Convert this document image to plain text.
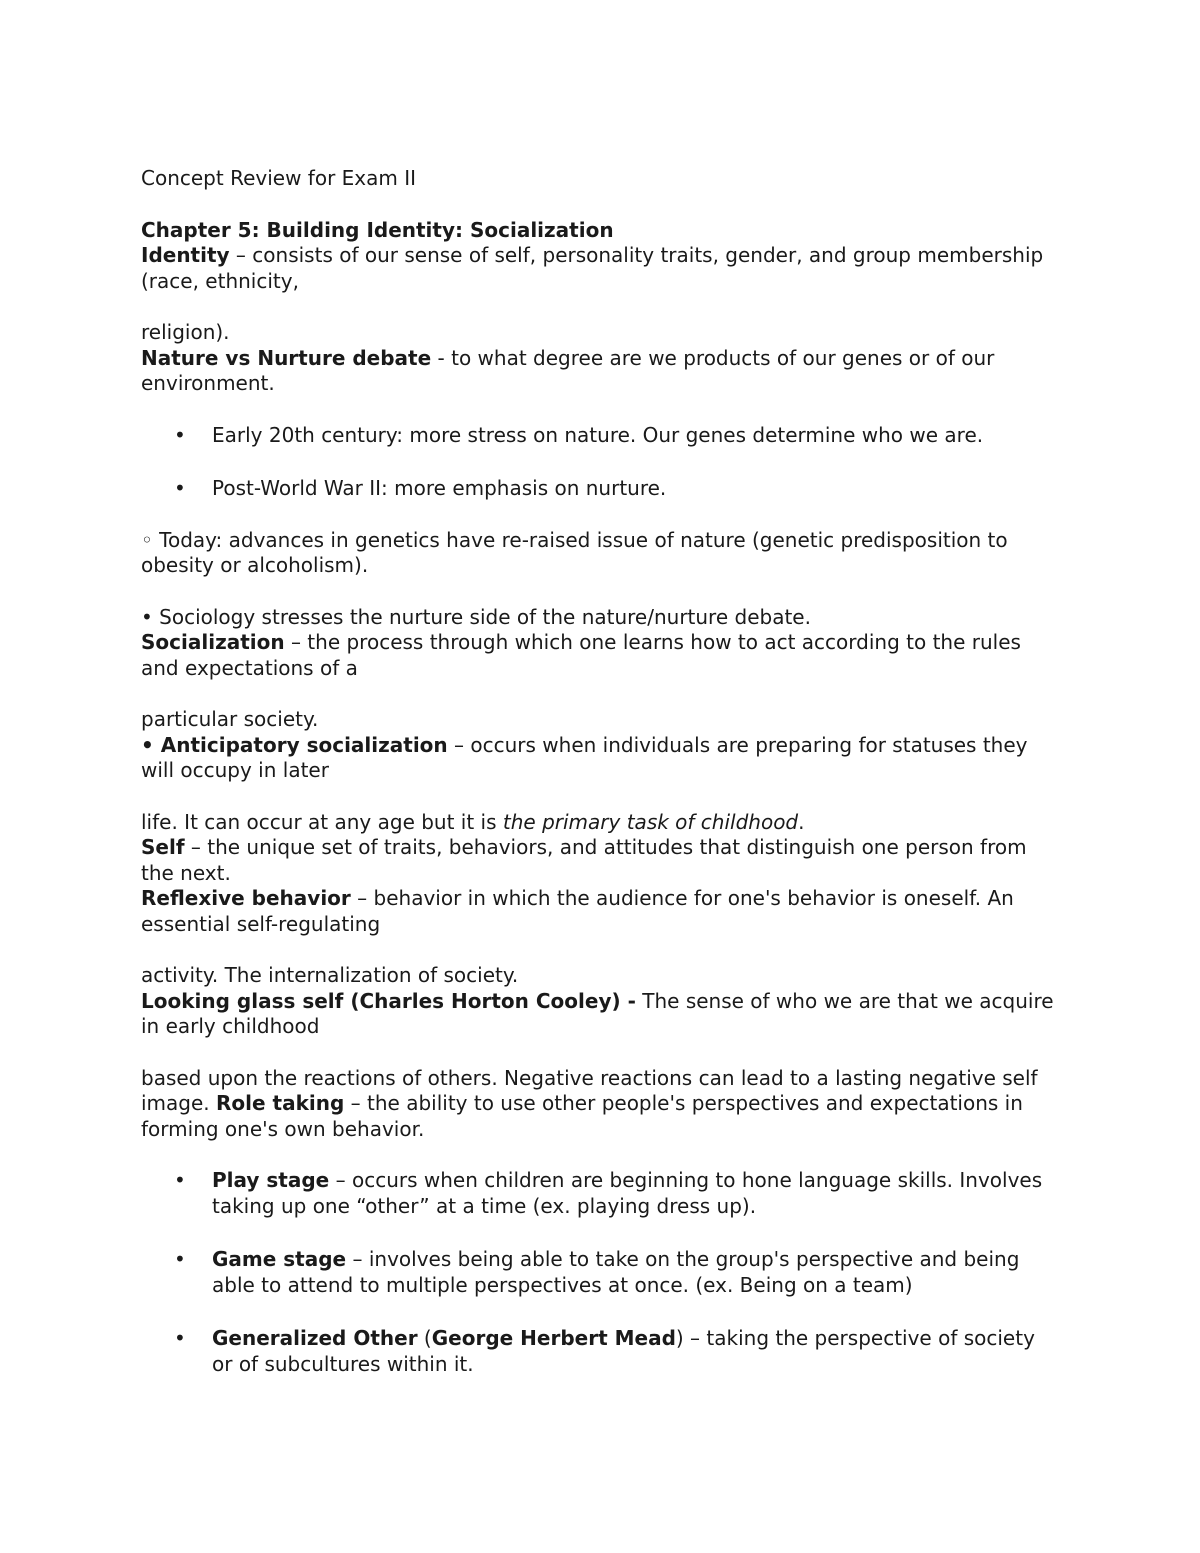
Concept Review for Exam II

Chapter 5: Building Identity: Socialization

Identity – consists of our sense of self, personality traits, gender, and group membership (race, ethnicity,

religion).

Nature vs Nurture debate - to what degree are we products of our genes or of our environment.

• Early 20th century: more stress on nature. Our genes determine who we are.
• Post-World War II: more emphasis on nurture.

◦ Today: advances in genetics have re-raised issue of nature (genetic predisposition to obesity or alcoholism).

• Sociology stresses the nurture side of the nature/nurture debate.

Socialization – the process through which one learns how to act according to the rules and expectations of a

particular society.

• Anticipatory socialization – occurs when individuals are preparing for statuses they will occupy in later

life. It can occur at any age but it is the primary task of childhood.

Self – the unique set of traits, behaviors, and attitudes that distinguish one person from the next.

Reflexive behavior – behavior in which the audience for one's behavior is oneself. An essential self-regulating

activity. The internalization of society.

Looking glass self (Charles Horton Cooley) - The sense of who we are that we acquire in early childhood

based upon the reactions of others. Negative reactions can lead to a lasting negative self image. Role taking – the ability to use other people's perspectives and expectations in forming one's own behavior.

• Play stage – occurs when children are beginning to hone language skills. Involves taking up one “other” at a time (ex. playing dress up).
• Game stage – involves being able to take on the group's perspective and being able to attend to multiple perspectives at once. (ex. Being on a team)
• Generalized Other (George Herbert Mead) – taking the perspective of society or of subcultures within it.
